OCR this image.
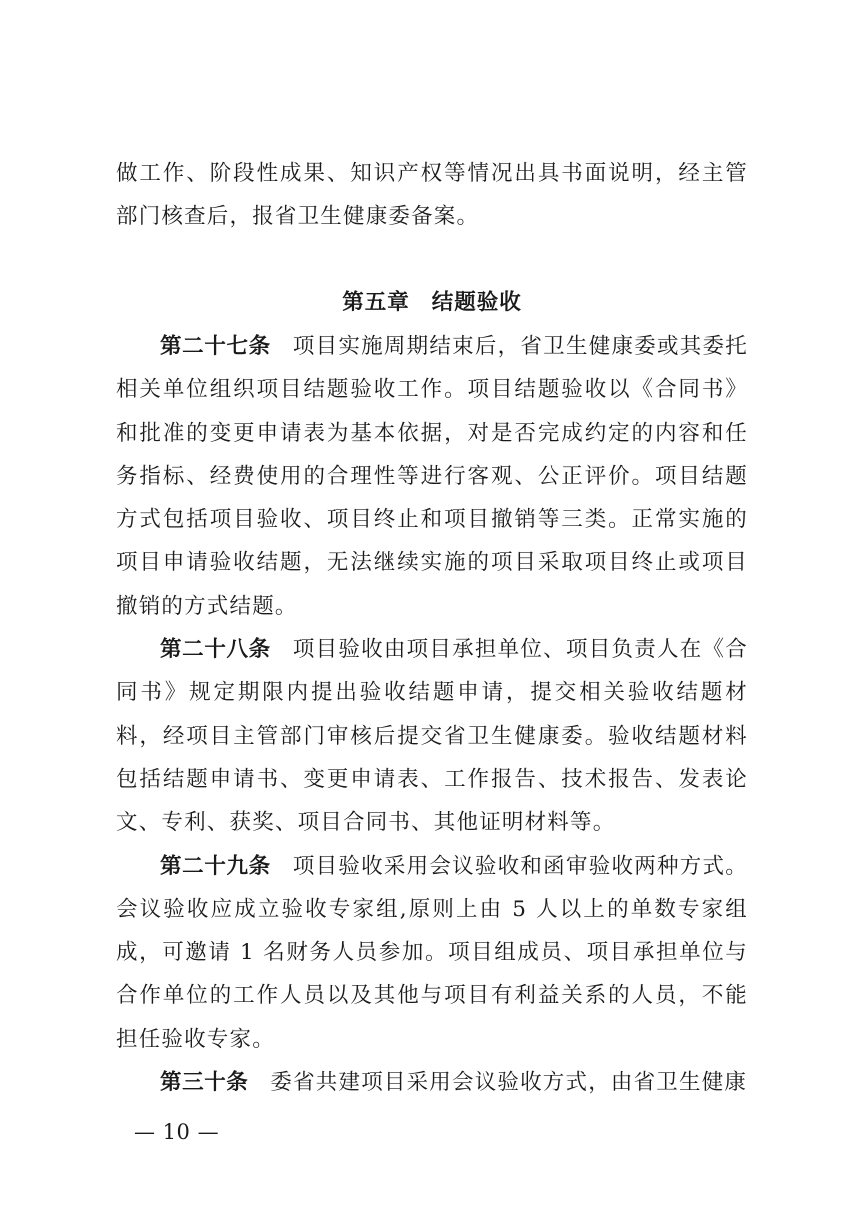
做工作、阶段性成果、知识产权等情况出具书面说明，经主管部门核查后，报省卫生健康委备案。

第五章 结题验收

第二十七条 项目实施周期结束后，省卫生健康委或其委托相关单位组织项目结题验收工作。项目结题验收以《合同书》和批准的变更申请表为基本依据，对是否完成约定的内容和任务指标、经费使用的合理性等进行客观、公正评价。项目结题方式包括项目验收、项目终止和项目撤销等三类。正常实施的项目申请验收结题，无法继续实施的项目采取项目终止或项目撤销的方式结题。

第二十八条 项目验收由项目承担单位、项目负责人在《合同书》规定期限内提出验收结题申请，提交相关验收结题材料，经项目主管部门审核后提交省卫生健康委。验收结题材料包括结题申请书、变更申请表、工作报告、技术报告、发表论文、专利、获奖、项目合同书、其他证明材料等。

第二十九条 项目验收采用会议验收和函审验收两种方式。会议验收应成立验收专家组,原则上由 5 人以上的单数专家组成，可邀请 1 名财务人员参加。项目组成员、项目承担单位与合作单位的工作人员以及其他与项目有利益关系的人员，不能担任验收专家。

第三十条 委省共建项目采用会议验收方式，由省卫生健康

— 10 —
